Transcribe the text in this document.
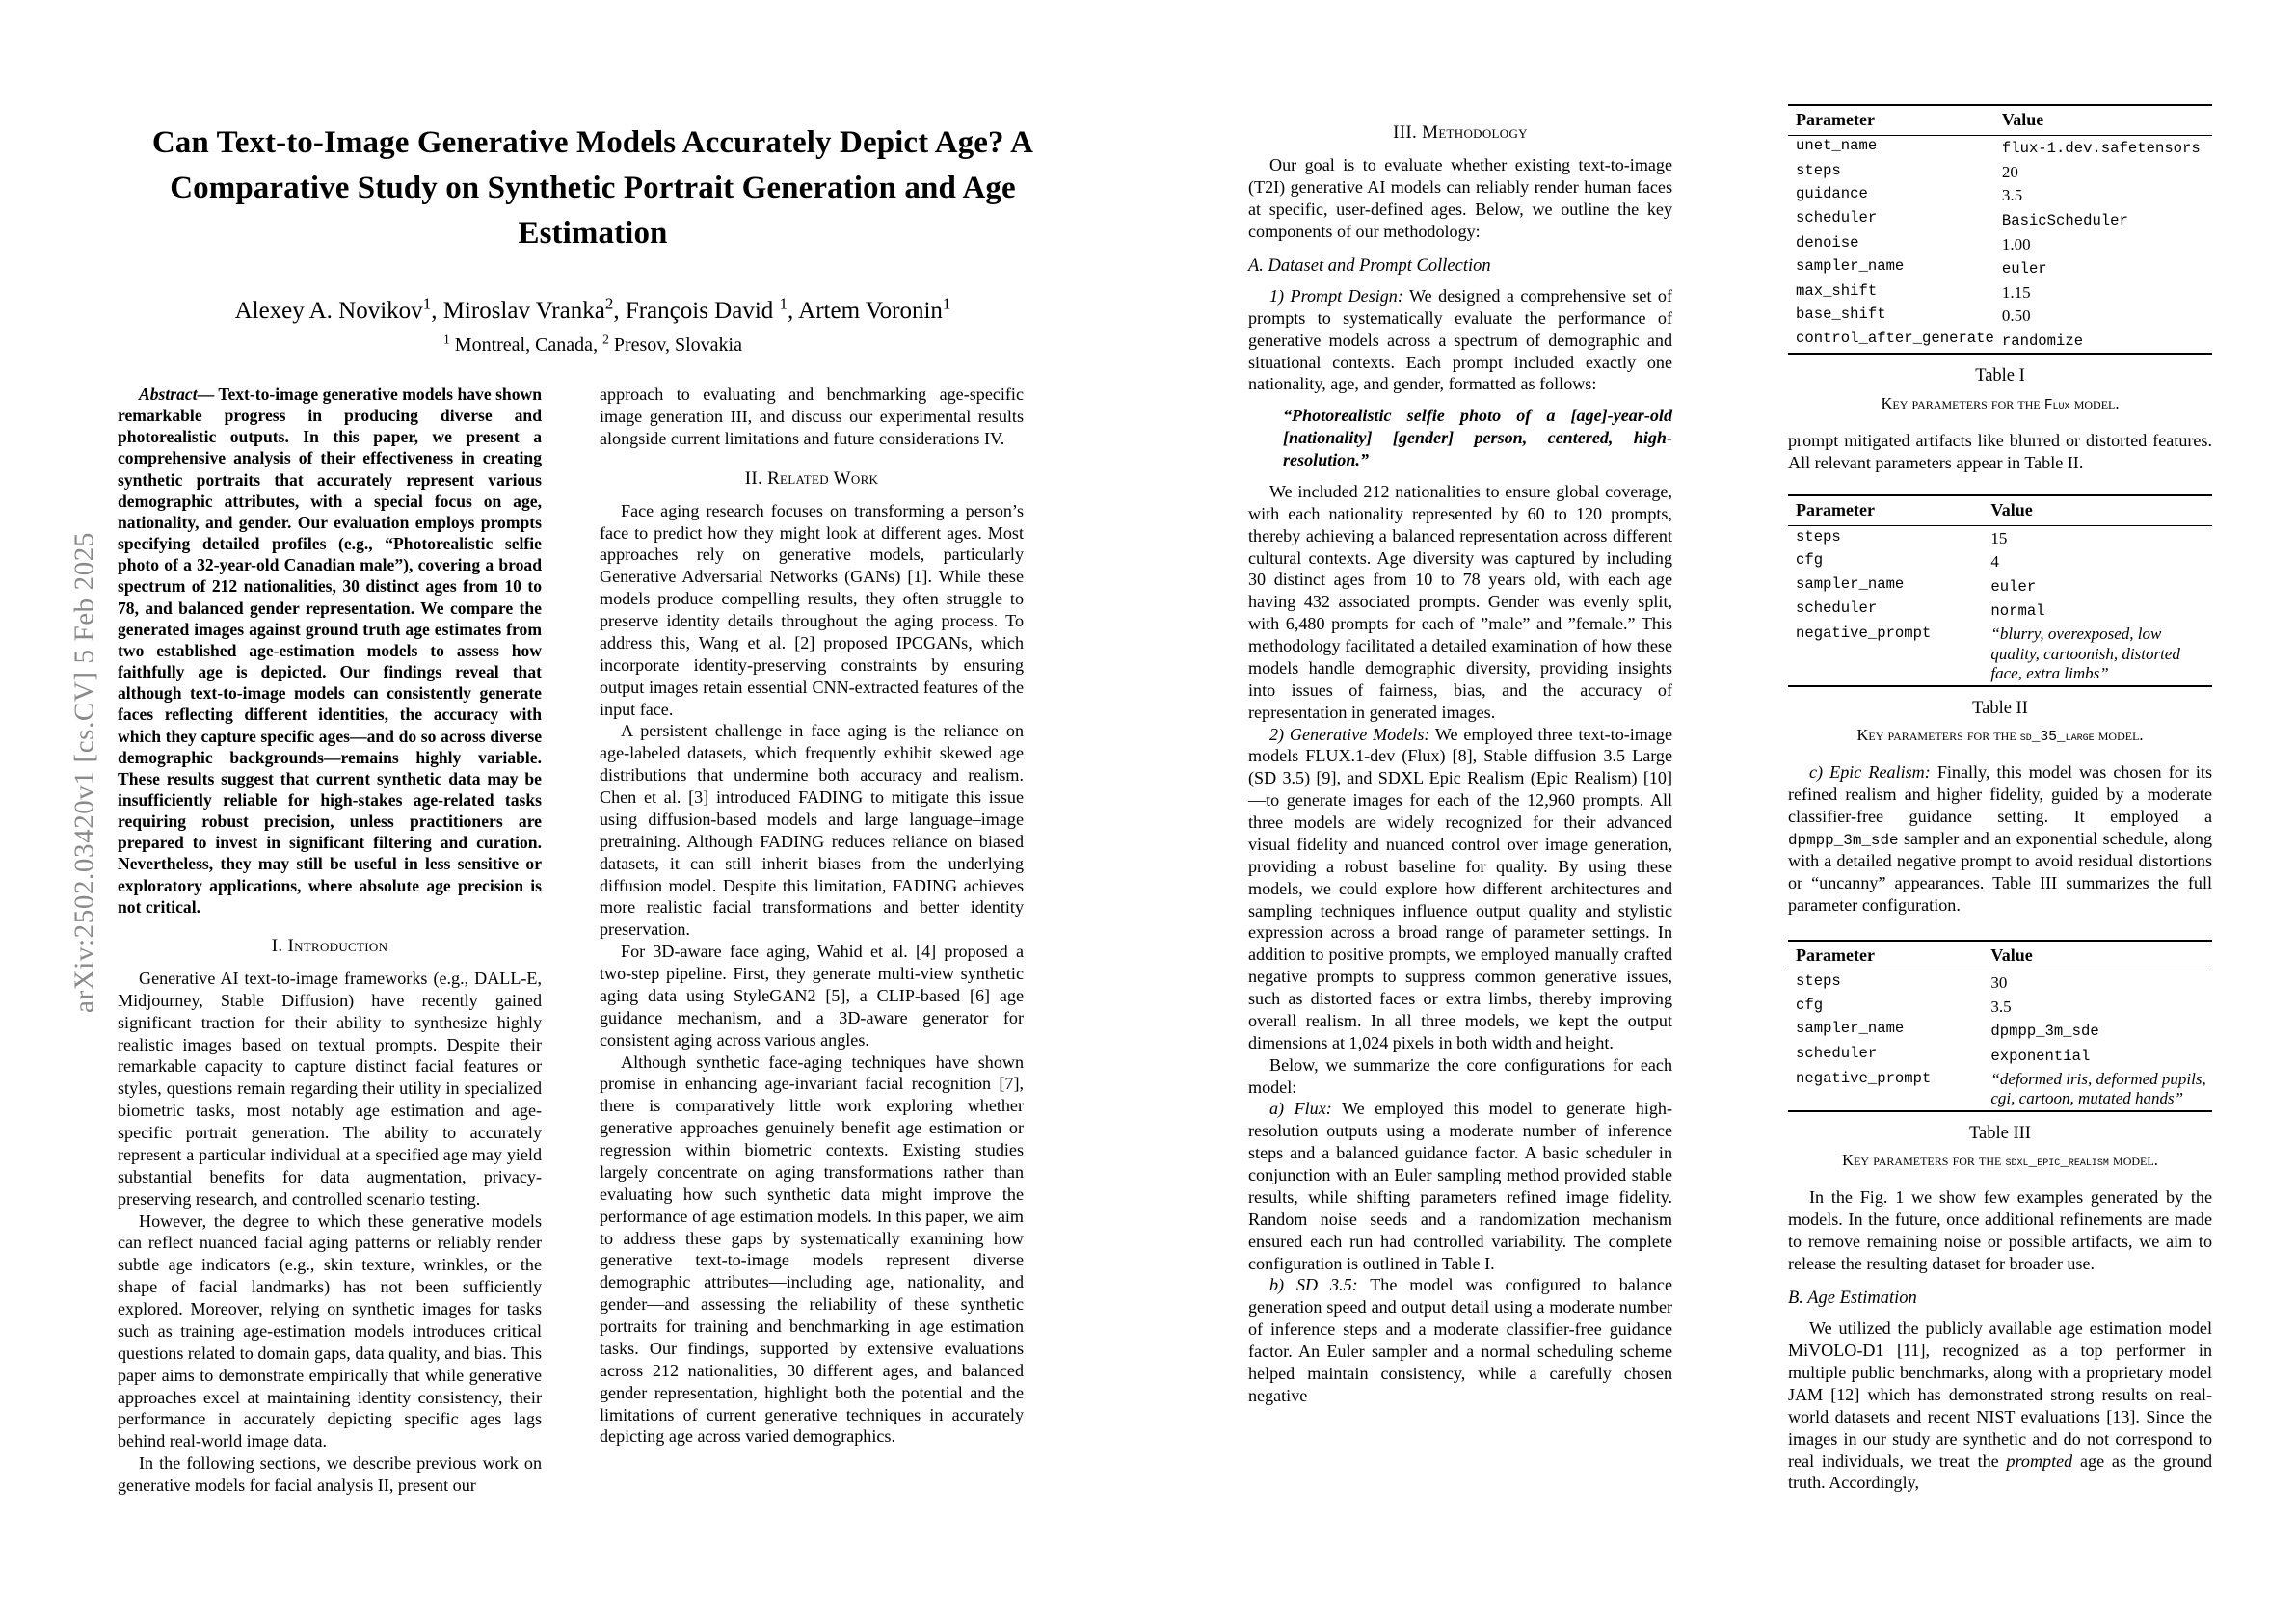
arXiv:2502.03420v1 [cs.CV] 5 Feb 2025
Can Text-to-Image Generative Models Accurately Depict Age? A Comparative Study on Synthetic Portrait Generation and Age Estimation
Alexey A. Novikov$^1$, Miroslav Vranka$^2$, François David $^1$, Artem Voronin$^1$
$^1$ Montreal, Canada, $^2$ Presov, Slovakia

Abstract— Text-to-image generative models have shown remarkable progress in producing diverse and photorealistic outputs. In this paper, we present a comprehensive analysis of their effectiveness in creating synthetic portraits that accurately represent various demographic attributes, with a special focus on age, nationality, and gender. Our evaluation employs prompts specifying detailed profiles (e.g., “Photorealistic selfie photo of a 32-year-old Canadian male”), covering a broad spectrum of 212 nationalities, 30 distinct ages from 10 to 78, and balanced gender representation. We compare the generated images against ground truth age estimates from two established age-estimation models to assess how faithfully age is depicted. Our findings reveal that although text-to-image models can consistently generate faces reflecting different identities, the accuracy with which they capture specific ages—and do so across diverse demographic backgrounds—remains highly variable. These results suggest that current synthetic data may be insufficiently reliable for high-stakes age-related tasks requiring robust precision, unless practitioners are prepared to invest in significant filtering and curation. Nevertheless, they may still be useful in less sensitive or exploratory applications, where absolute age precision is not critical.

I. Introduction

Generative AI text-to-image frameworks (e.g., DALL-E, Midjourney, Stable Diffusion) have recently gained significant traction for their ability to synthesize highly realistic images based on textual prompts. Despite their remarkable capacity to capture distinct facial features or styles, questions remain regarding their utility in specialized biometric tasks, most notably age estimation and age-specific portrait generation. The ability to accurately represent a particular individual at a specified age may yield substantial benefits for data augmentation, privacy-preserving research, and controlled scenario testing.

However, the degree to which these generative models can reflect nuanced facial aging patterns or reliably render subtle age indicators (e.g., skin texture, wrinkles, or the shape of facial landmarks) has not been sufficiently explored. Moreover, relying on synthetic images for tasks such as training age-estimation models introduces critical questions related to domain gaps, data quality, and bias. This paper aims to demonstrate empirically that while generative approaches excel at maintaining identity consistency, their performance in accurately depicting specific ages lags behind real-world image data.

In the following sections, we describe previous work on generative models for facial analysis II, present our

approach to evaluating and benchmarking age-specific image generation III, and discuss our experimental results alongside current limitations and future considerations IV.

II. Related Work

Face aging research focuses on transforming a person’s face to predict how they might look at different ages. Most approaches rely on generative models, particularly Generative Adversarial Networks (GANs) [1]. While these models produce compelling results, they often struggle to preserve identity details throughout the aging process. To address this, Wang et al. [2] proposed IPCGANs, which incorporate identity-preserving constraints by ensuring output images retain essential CNN-extracted features of the input face.

A persistent challenge in face aging is the reliance on age-labeled datasets, which frequently exhibit skewed age distributions that undermine both accuracy and realism. Chen et al. [3] introduced FADING to mitigate this issue using diffusion-based models and large language–image pretraining. Although FADING reduces reliance on biased datasets, it can still inherit biases from the underlying diffusion model. Despite this limitation, FADING achieves more realistic facial transformations and better identity preservation.

For 3D-aware face aging, Wahid et al. [4] proposed a two-step pipeline. First, they generate multi-view synthetic aging data using StyleGAN2 [5], a CLIP-based [6] age guidance mechanism, and a 3D-aware generator for consistent aging across various angles.

Although synthetic face-aging techniques have shown promise in enhancing age-invariant facial recognition [7], there is comparatively little work exploring whether generative approaches genuinely benefit age estimation or regression within biometric contexts. Existing studies largely concentrate on aging transformations rather than evaluating how such synthetic data might improve the performance of age estimation models. In this paper, we aim to address these gaps by systematically examining how generative text-to-image models represent diverse demographic attributes—including age, nationality, and gender—and assessing the reliability of these synthetic portraits for training and benchmarking in age estimation tasks. Our findings, supported by extensive evaluations across 212 nationalities, 30 different ages, and balanced gender representation, highlight both the potential and the limitations of current generative techniques in accurately depicting age across varied demographics.

III. Methodology

Our goal is to evaluate whether existing text-to-image (T2I) generative AI models can reliably render human faces at specific, user-defined ages. Below, we outline the key components of our methodology:

A. Dataset and Prompt Collection

1) Prompt Design: We designed a comprehensive set of prompts to systematically evaluate the performance of generative models across a spectrum of demographic and situational contexts. Each prompt included exactly one nationality, age, and gender, formatted as follows:

“Photorealistic selfie photo of a [age]-year-old [nationality] [gender] person, centered, high-resolution.”

We included 212 nationalities to ensure global coverage, with each nationality represented by 60 to 120 prompts, thereby achieving a balanced representation across different cultural contexts. Age diversity was captured by including 30 distinct ages from 10 to 78 years old, with each age having 432 associated prompts. Gender was evenly split, with 6,480 prompts for each of ”male” and ”female.” This methodology facilitated a detailed examination of how these models handle demographic diversity, providing insights into issues of fairness, bias, and the accuracy of representation in generated images.

2) Generative Models: We employed three text-to-image models FLUX.1-dev (Flux) [8], Stable diffusion 3.5 Large (SD 3.5) [9], and SDXL Epic Realism (Epic Realism) [10]—to generate images for each of the 12,960 prompts. All three models are widely recognized for their advanced visual fidelity and nuanced control over image generation, providing a robust baseline for quality. By using these models, we could explore how different architectures and sampling techniques influence output quality and stylistic expression across a broad range of parameter settings. In addition to positive prompts, we employed manually crafted negative prompts to suppress common generative issues, such as distorted faces or extra limbs, thereby improving overall realism. In all three models, we kept the output dimensions at 1,024 pixels in both width and height.

Below, we summarize the core configurations for each model:

a) Flux: We employed this model to generate high-resolution outputs using a moderate number of inference steps and a balanced guidance factor. A basic scheduler in conjunction with an Euler sampling method provided stable results, while shifting parameters refined image fidelity. Random noise seeds and a randomization mechanism ensured each run had controlled variability. The complete configuration is outlined in Table I.

b) SD 3.5: The model was configured to balance generation speed and output detail using a moderate number of inference steps and a moderate classifier-free guidance factor. An Euler sampler and a normal scheduling scheme helped maintain consistency, while a carefully chosen negative

Parameter	Value
unet_name	flux-1.dev.safetensors
steps	20
guidance	3.5
scheduler	BasicScheduler
denoise	1.00
sampler_name	euler
max_shift	1.15
base_shift	0.50
control_after_generate	randomize
Table I
Key parameters for the Flux model.

prompt mitigated artifacts like blurred or distorted features. All relevant parameters appear in Table II.

Parameter	Value
steps	15
cfg	4
sampler_name	euler
scheduler	normal
negative_prompt	“blurry, overexposed, low quality, cartoonish, distorted face, extra limbs”
Table II
Key parameters for the sd_35_large model.

c) Epic Realism: Finally, this model was chosen for its refined realism and higher fidelity, guided by a moderate classifier-free guidance setting. It employed a dpmpp_3m_sde sampler and an exponential schedule, along with a detailed negative prompt to avoid residual distortions or “uncanny” appearances. Table III summarizes the full parameter configuration.

Parameter	Value
steps	30
cfg	3.5
sampler_name	dpmpp_3m_sde
scheduler	exponential
negative_prompt	“deformed iris, deformed pupils, cgi, cartoon, mutated hands”
Table III
Key parameters for the sdxl_epic_realism model.

In the Fig. 1 we show few examples generated by the models. In the future, once additional refinements are made to remove remaining noise or possible artifacts, we aim to release the resulting dataset for broader use.

B. Age Estimation

We utilized the publicly available age estimation model MiVOLO-D1 [11], recognized as a top performer in multiple public benchmarks, along with a proprietary model JAM [12] which has demonstrated strong results on real-world datasets and recent NIST evaluations [13]. Since the images in our study are synthetic and do not correspond to real individuals, we treat the prompted age as the ground truth. Accordingly,
